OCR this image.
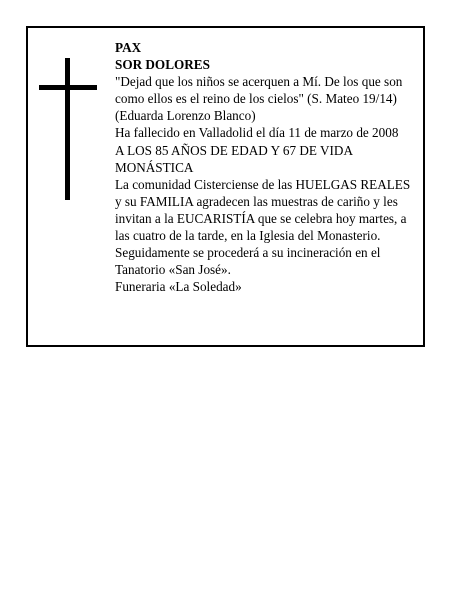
PAX
SOR DOLORES
"Dejad que los niños se acerquen a Mí. De los que son
como ellos es el reino de los cielos" (S. Mateo 19/14)
(Eduarda Lorenzo Blanco)
Ha fallecido en Valladolid el día 11 de marzo de 2008
A LOS 85 AÑOS DE EDAD Y 67 DE VIDA
MONÁSTICA
La comunidad Cisterciense de las HUELGAS REALES
y su FAMILIA agradecen las muestras de cariño y les
invitan a la EUCARISTÍA que se celebra hoy martes, a
las cuatro de la tarde, en la Iglesia del Monasterio.
Seguidamente se procederá a su incineración en el
Tanatorio «San José».
Funeraria «La Soledad»
